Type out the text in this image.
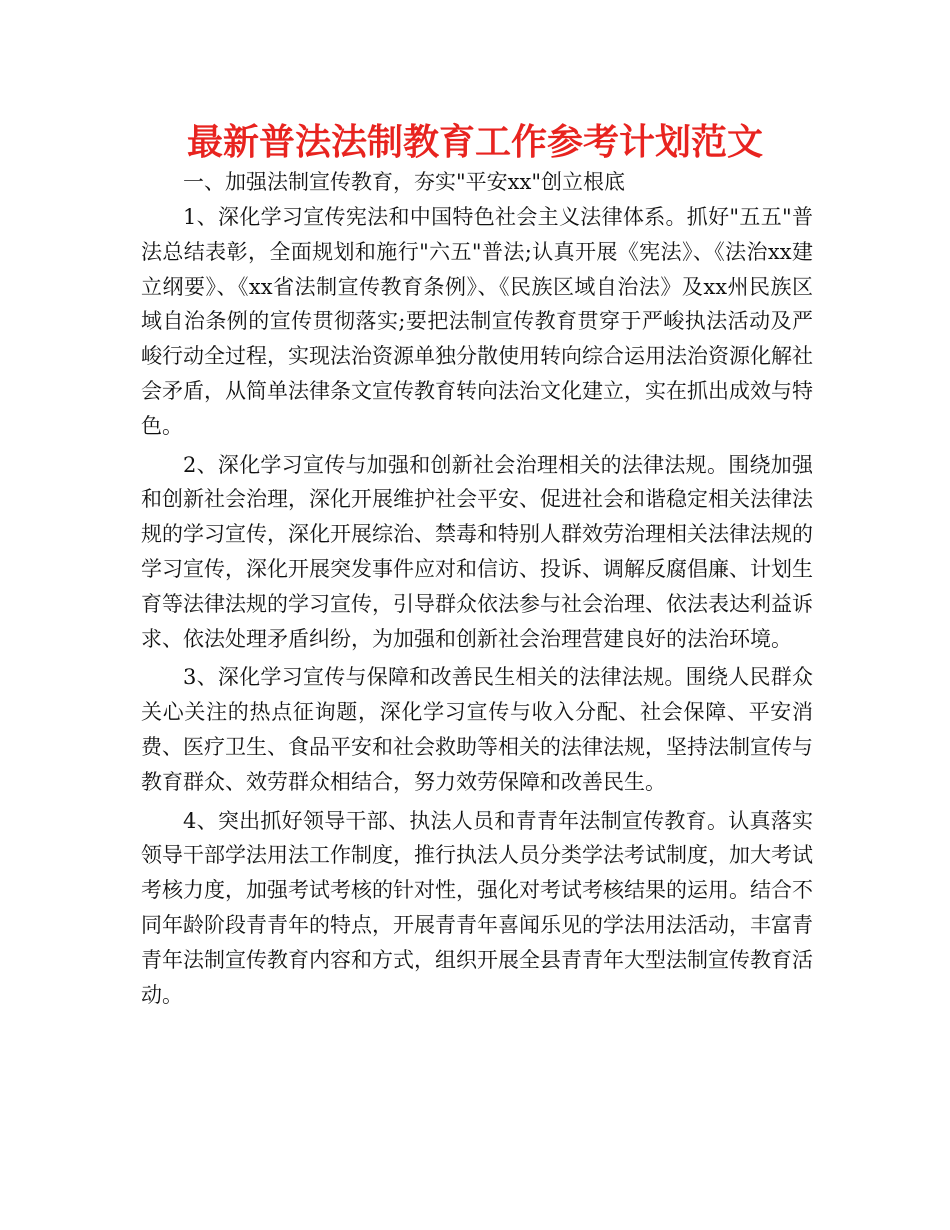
最新普法法制教育工作参考计划范文

一、加强法制宣传教育，夯实"平安xx"创立根底

1、深化学习宣传宪法和中国特色社会主义法律体系。抓好"五五"普法总结表彰，全面规划和施行"六五"普法;认真开展《宪法》、《法治xx建立纲要》、《xx省法制宣传教育条例》、《民族区域自治法》及xx州民族区域自治条例的宣传贯彻落实;要把法制宣传教育贯穿于严峻执法活动及严峻行动全过程，实现法治资源单独分散使用转向综合运用法治资源化解社会矛盾，从简单法律条文宣传教育转向法治文化建立，实在抓出成效与特色。

2、深化学习宣传与加强和创新社会治理相关的法律法规。围绕加强和创新社会治理，深化开展维护社会平安、促进社会和谐稳定相关法律法规的学习宣传，深化开展综治、禁毒和特别人群效劳治理相关法律法规的学习宣传，深化开展突发事件应对和信访、投诉、调解反腐倡廉、计划生育等法律法规的学习宣传，引导群众依法参与社会治理、依法表达利益诉求、依法处理矛盾纠纷，为加强和创新社会治理营建良好的法治环境。

3、深化学习宣传与保障和改善民生相关的法律法规。围绕人民群众关心关注的热点征询题，深化学习宣传与收入分配、社会保障、平安消费、医疗卫生、食品平安和社会救助等相关的法律法规，坚持法制宣传与教育群众、效劳群众相结合，努力效劳保障和改善民生。

4、突出抓好领导干部、执法人员和青青年法制宣传教育。认真落实领导干部学法用法工作制度，推行执法人员分类学法考试制度，加大考试考核力度，加强考试考核的针对性，强化对考试考核结果的运用。结合不同年龄阶段青青年的特点，开展青青年喜闻乐见的学法用法活动，丰富青青年法制宣传教育内容和方式，组织开展全县青青年大型法制宣传教育活动。
